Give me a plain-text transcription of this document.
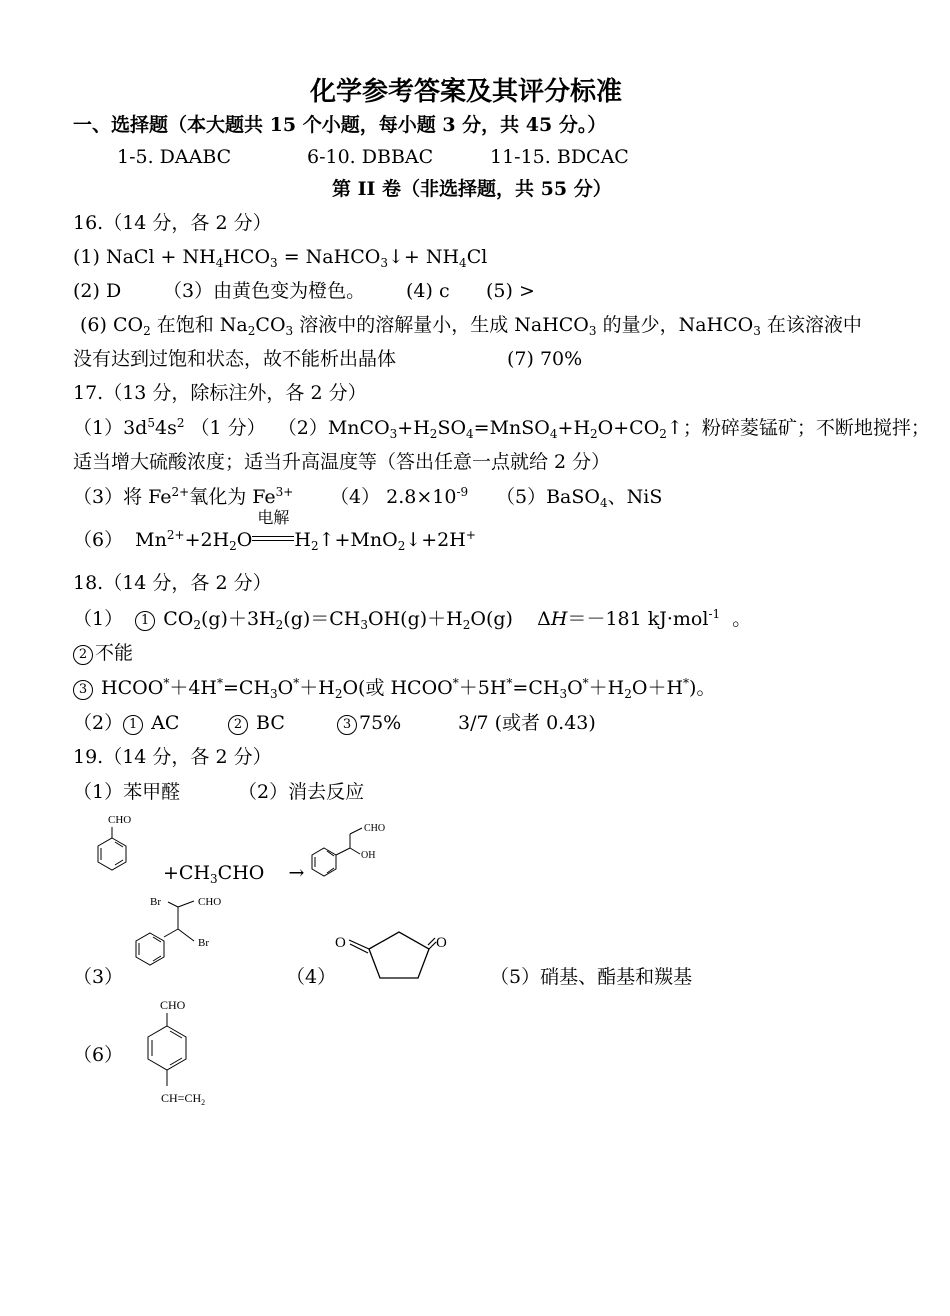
化学参考答案及其评分标准
一、选择题（本大题共 15 个小题，每小题 3 分，共 45 分。）
1-5. DAABC	6-10. DBBAC	11-15. BDCAC
第 II 卷（非选择题，共 55 分）
16.（14 分，各 2 分）
(1) NaCl + $NH_4HCO_3$ = NaHCO$_3$↓+ $NH_4Cl$
(2) D （3）由黄色变为橙色。 (4) c (5) >
(6) $CO_2$ 在饱和 $Na_2CO_3$ 溶液中的溶解量小，生成 NaHCO$_3$ 的量少，NaHCO$_3$ 在该溶液中
没有达到过饱和状态，故不能析出晶体	(7) 70%
17.（13 分，除标注外，各 2 分）
$(1)3d^54s^2$ （1 分） $(2)MnCO_3+H_2SO_4=MnSO_4+H_2O+CO_2↑$；粉碎菱锰矿；不断地搅拌；
适当增大硫酸浓度；适当升高温度等（答出任意一点就给 2 分）
（3）将 $Fe^{2+}$氧化为 $Fe^{3+}$ （4） $2.8\times 10^{-9}$ （5）BaSO$_4$、NiS
（6）  $Mn^{2+}+2H_2O$
电解
$H_2↑+MnO_2↓+2H^+$
18.（14 分，各 2 分）
（1） 1 $CO_2(g)+3H_2(g)=CH_3OH(g)+H_2O(g)$    ΔH＝－181 kJ·mol$^{-1}$  。
2 不能
3 $HCOO^*+4H^*=CH_3O^*+H_2O$(或 $HCOO^*+5H^*=CH_3O^*+H_2O+H^*$)。
（2） 1 AC	2 BC	3 75%	3/7 (或者 0.43)
19.（14 分，各 2 分）
（1）苯甲醛	（2）消去反应
CHO
$+CH_3CHO$ →
CHO
OH
（3）
Br	CHO
Br
（4）
O	O
（5）硝基、酯基和羰基
（6）
CHO
$CH=CH_2$
